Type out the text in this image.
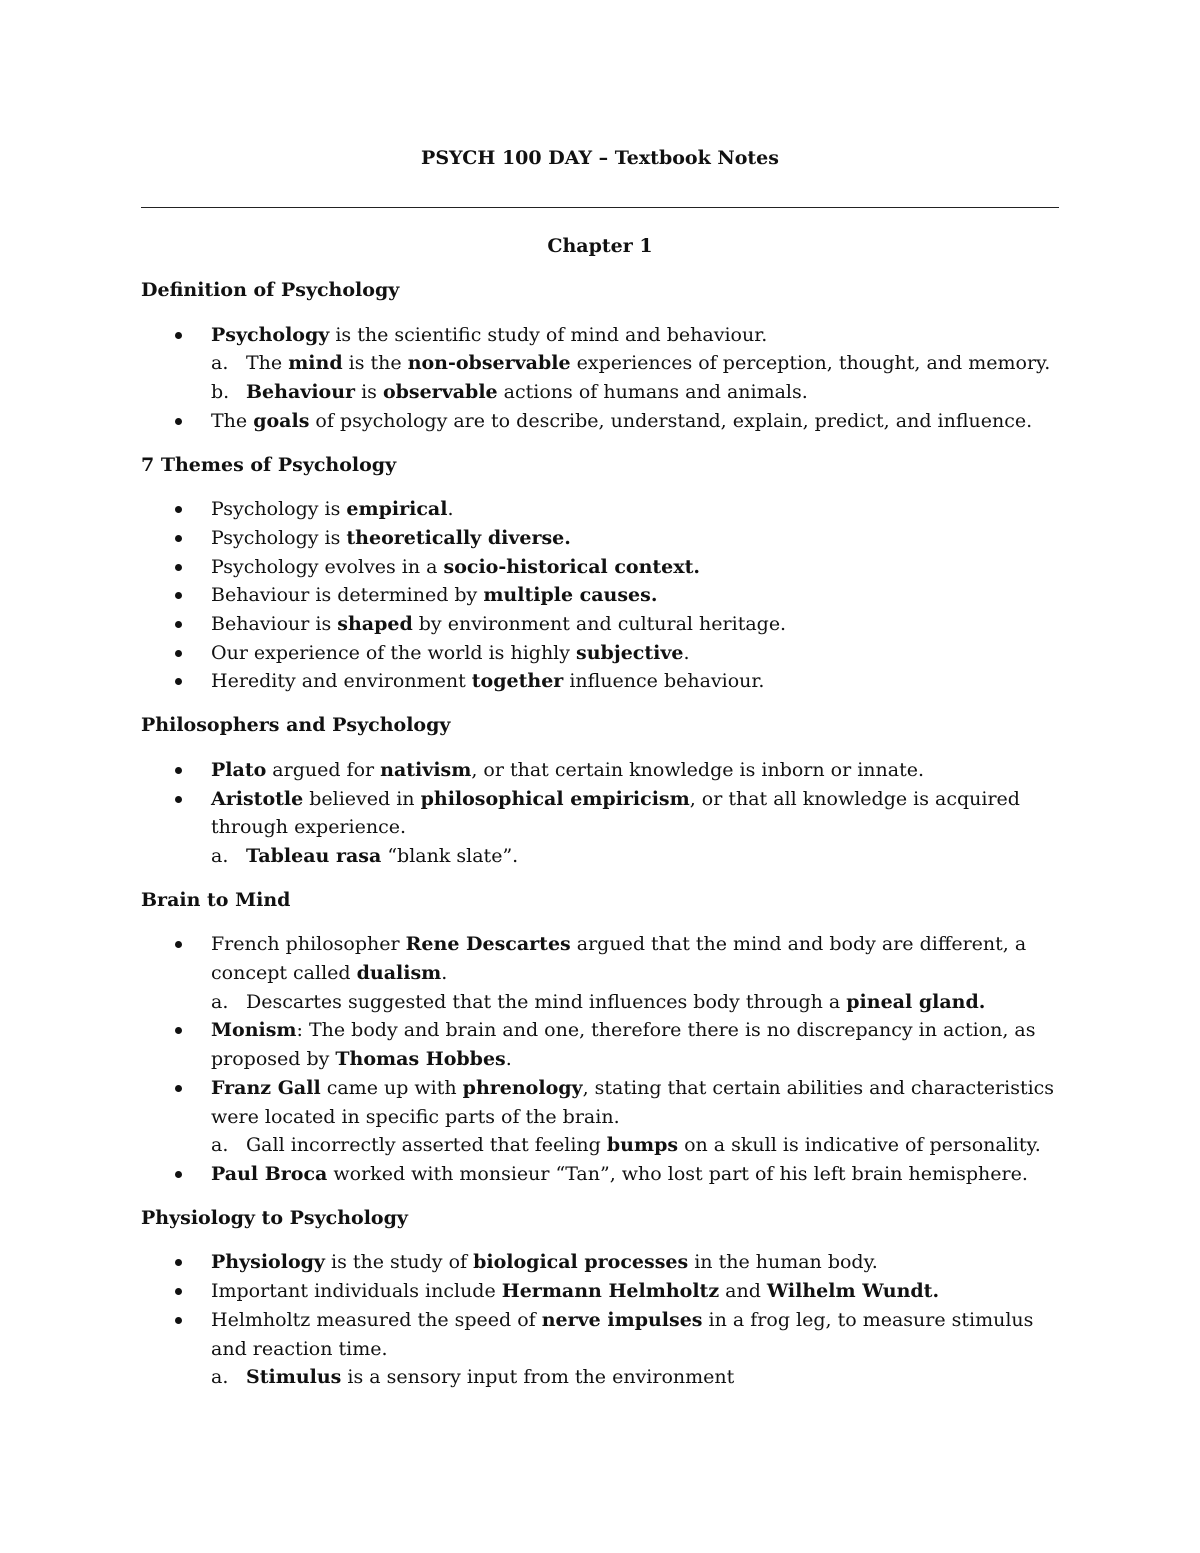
PSYCH 100 DAY – Textbook Notes
Chapter 1

Definition of Psychology

Psychology is the scientific study of mind and behaviour.
a. The mind is the non-observable experiences of perception, thought, and memory.
b. Behaviour is observable actions of humans and animals.
The goals of psychology are to describe, understand, explain, predict, and influence.

7 Themes of Psychology

Psychology is empirical.
Psychology is theoretically diverse.
Psychology evolves in a socio-historical context.
Behaviour is determined by multiple causes.
Behaviour is shaped by environment and cultural heritage.
Our experience of the world is highly subjective.
Heredity and environment together influence behaviour.

Philosophers and Psychology

Plato argued for nativism, or that certain knowledge is inborn or innate.
Aristotle believed in philosophical empiricism, or that all knowledge is acquired through experience.
a. Tableau rasa “blank slate”.

Brain to Mind

French philosopher Rene Descartes argued that the mind and body are different, a concept called dualism.
a. Descartes suggested that the mind influences body through a pineal gland.
Monism: The body and brain and one, therefore there is no discrepancy in action, as proposed by Thomas Hobbes.
Franz Gall came up with phrenology, stating that certain abilities and characteristics were located in specific parts of the brain.
a. Gall incorrectly asserted that feeling bumps on a skull is indicative of personality.
Paul Broca worked with monsieur “Tan”, who lost part of his left brain hemisphere.

Physiology to Psychology

Physiology is the study of biological processes in the human body.
Important individuals include Hermann Helmholtz and Wilhelm Wundt.
Helmholtz measured the speed of nerve impulses in a frog leg, to measure stimulus and reaction time.
a. Stimulus is a sensory input from the environment
